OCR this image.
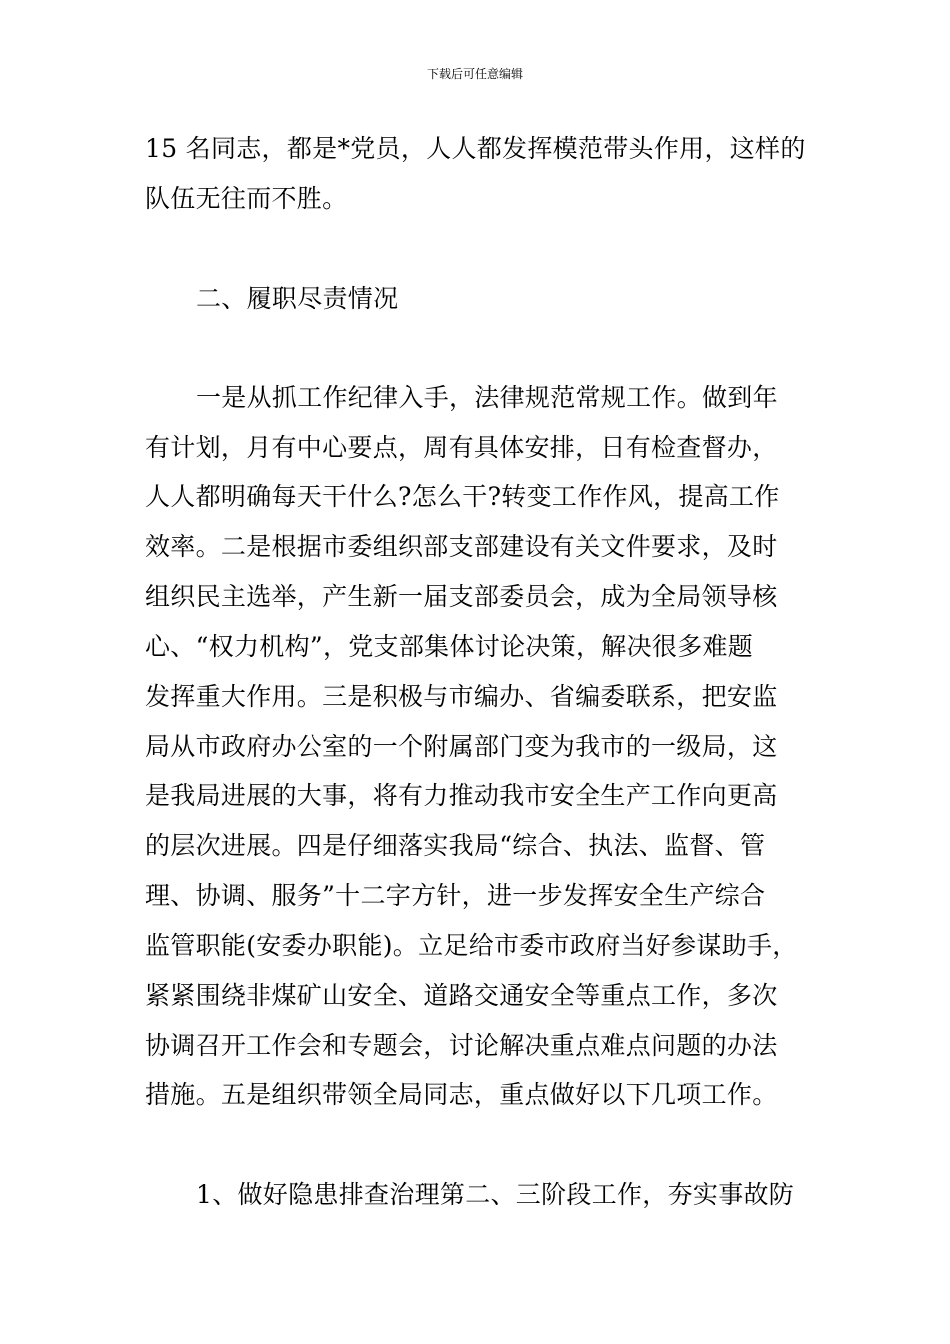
下载后可任意编辑
15 名同志，都是*党员，人人都发挥模范带头作用，这样的
队伍无往而不胜。
二、履职尽责情况
一是从抓工作纪律入手，法律规范常规工作。做到年
有计划，月有中心要点，周有具体安排，日有检查督办，
人人都明确每天干什么?怎么干?转变工作作风，提高工作
效率。二是根据市委组织部支部建设有关文件要求，及时
组织民主选举，产生新一届支部委员会，成为全局领导核
心、“权力机构”，党支部集体讨论决策，解决很多难题
发挥重大作用。三是积极与市编办、省编委联系，把安监
局从市政府办公室的一个附属部门变为我市的一级局，这
是我局进展的大事，将有力推动我市安全生产工作向更高
的层次进展。四是仔细落实我局“综合、执法、监督、管
理、协调、服务”十二字方针，进一步发挥安全生产综合
监管职能(安委办职能)。立足给市委市政府当好参谋助手，
紧紧围绕非煤矿山安全、道路交通安全等重点工作，多次
协调召开工作会和专题会，讨论解决重点难点问题的办法
措施。五是组织带领全局同志，重点做好以下几项工作。
1、做好隐患排查治理第二、三阶段工作，夯实事故防
